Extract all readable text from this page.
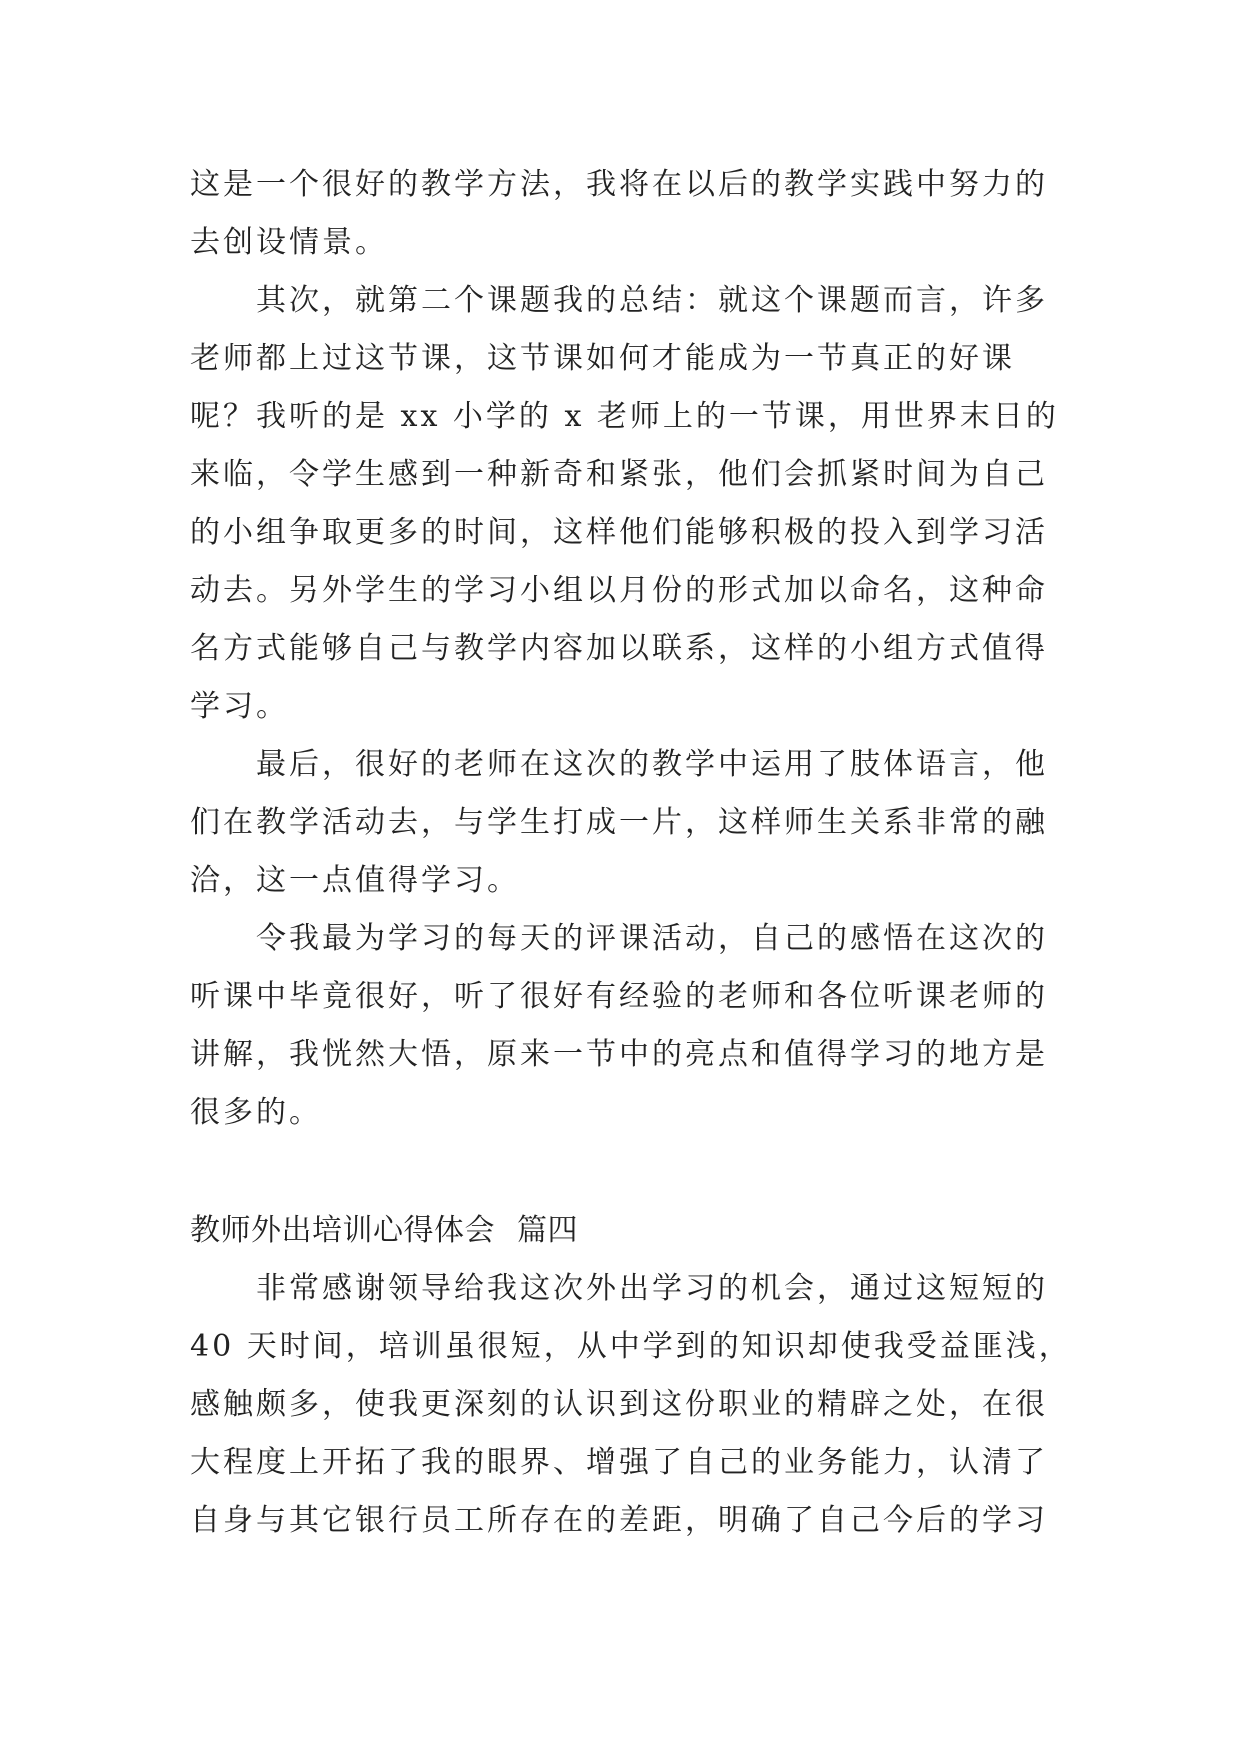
这是一个很好的教学方法，我将在以后的教学实践中努力的
去创设情景。
其次，就第二个课题我的总结：就这个课题而言，许多
老师都上过这节课，这节课如何才能成为一节真正的好课
呢？我听的是 xx 小学的 x 老师上的一节课，用世界末日的
来临，令学生感到一种新奇和紧张，他们会抓紧时间为自己
的小组争取更多的时间，这样他们能够积极的投入到学习活
动去。另外学生的学习小组以月份的形式加以命名，这种命
名方式能够自己与教学内容加以联系，这样的小组方式值得
学习。
最后，很好的老师在这次的教学中运用了肢体语言，他
们在教学活动去，与学生打成一片，这样师生关系非常的融
洽，这一点值得学习。
令我最为学习的每天的评课活动，自己的感悟在这次的
听课中毕竟很好，听了很好有经验的老师和各位听课老师的
讲解，我恍然大悟，原来一节中的亮点和值得学习的地方是
很多的。
教师外出培训心得体会 篇四
非常感谢领导给我这次外出学习的机会，通过这短短的
40 天时间，培训虽很短，从中学到的知识却使我受益匪浅，
感触颇多，使我更深刻的认识到这份职业的精辟之处，在很
大程度上开拓了我的眼界、增强了自己的业务能力，认清了
自身与其它银行员工所存在的差距，明确了自己今后的学习
